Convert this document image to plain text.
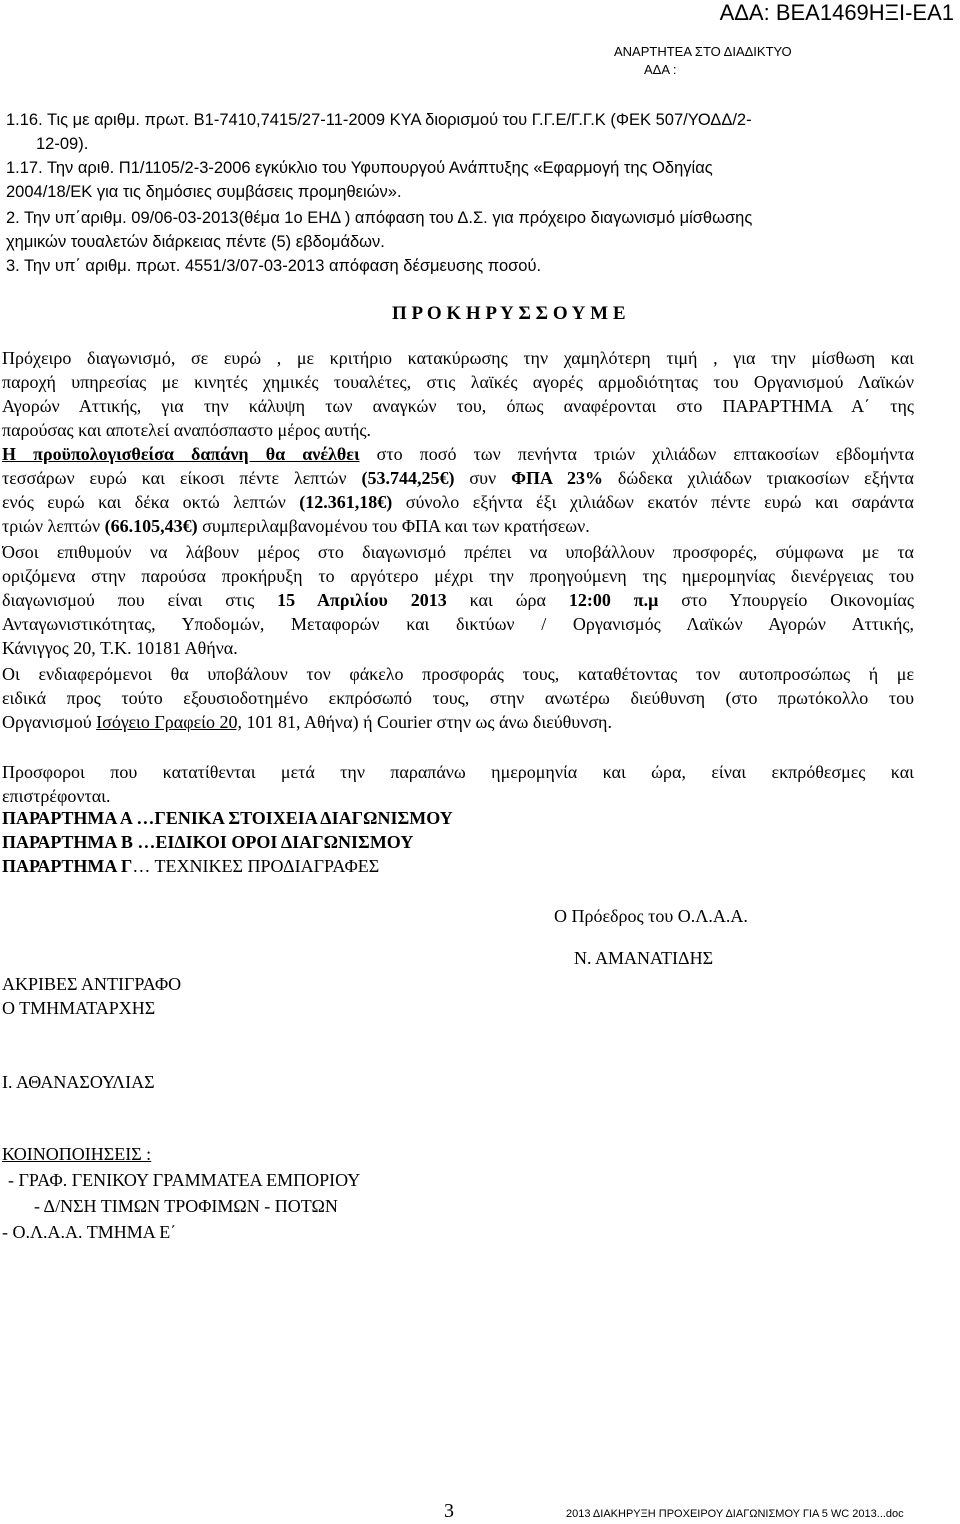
ΑΔΑ: ΒΕΑ1469ΗΞΙ-ΕΑ1
ΑΝΑΡΤΗΤΕΑ ΣΤΟ ΔΙΑΔΙΚΤΥΟ
ΑΔΑ :
1.16. Τις με αριθμ. πρωτ. Β1-7410,7415/27-11-2009 ΚΥΑ διορισμού του Γ.Γ.Ε/Γ.Γ.Κ (ΦΕΚ 507/ΥΟΔΔ/2-
12-09).
1.17. Την αριθ. Π1/1105/2-3-2006 εγκύκλιο του Υφυπουργού Ανάπτυξης «Εφαρμογή της Οδηγίας
2004/18/ΕΚ για τις δημόσιες συμβάσεις προμηθειών».
2. Την υπ΄αριθμ. 09/06-03-2013(θέμα 1ο ΕΗΔ ) απόφαση του Δ.Σ. για πρόχειρο διαγωνισμό μίσθωσης
χημικών τουαλετών διάρκειας πέντε (5) εβδομάδων.
3. Την υπ΄ αριθμ. πρωτ. 4551/3/07-03-2013 απόφαση δέσμευσης ποσού.
Π Ρ Ο Κ Η Ρ Υ Σ Σ Ο Υ Μ Ε
Πρόχειρο διαγωνισμό, σε ευρώ , με κριτήριο κατακύρωσης την χαμηλότερη τιμή , για την μίσθωση και
παροχή υπηρεσίας με κινητές χημικές τουαλέτες, στις λαϊκές αγορές αρμοδιότητας του Οργανισμού Λαϊκών
Αγορών Αττικής, για την κάλυψη των αναγκών του, όπως αναφέρονται στο ΠΑΡΑΡΤΗΜΑ Α΄ της
παρούσας και αποτελεί αναπόσπαστο μέρος αυτής.
Η προϋπολογισθείσα δαπάνη θα ανέλθει στο ποσό των πενήντα τριών χιλιάδων επτακοσίων εβδομήντα
τεσσάρων ευρώ και είκοσι πέντε λεπτών (53.744,25€) συν ΦΠΑ 23% δώδεκα χιλιάδων τριακοσίων εξήντα
ενός ευρώ και δέκα οκτώ λεπτών (12.361,18€) σύνολο εξήντα έξι χιλιάδων εκατόν πέντε ευρώ και σαράντα
τριών λεπτών (66.105,43€) συμπεριλαμβανομένου του ΦΠΑ και των κρατήσεων.
Όσοι επιθυμούν να λάβουν μέρος στο διαγωνισμό πρέπει να υποβάλλουν προσφορές, σύμφωνα με τα
οριζόμενα στην παρούσα προκήρυξη το αργότερο μέχρι την προηγούμενη της ημερομηνίας διενέργειας του
διαγωνισμού που είναι στις 15 Απριλίου 2013 και ώρα 12:00 π.μ στο Υπουργείο Οικονομίας
Ανταγωνιστικότητας, Υποδομών, Μεταφορών και δικτύων / Οργανισμός Λαϊκών Αγορών Αττικής,
Κάνιγγος 20, Τ.Κ. 10181 Αθήνα.
Οι ενδιαφερόμενοι θα υποβάλουν τον φάκελο προσφοράς τους, καταθέτοντας τον αυτοπροσώπως ή με
ειδικά προς τούτο εξουσιοδοτημένο εκπρόσωπό τους, στην ανωτέρω διεύθυνση (στο πρωτόκολλο του
Οργανισμού Ισόγειο Γραφείο 20, 101 81, Αθήνα) ή Courier στην ως άνω διεύθυνση.
Προσφοροι που κατατίθενται μετά την παραπάνω ημερομηνία και ώρα, είναι εκπρόθεσμες και
επιστρέφονται.
ΠΑΡΑΡΤΗΜΑ Α …ΓΕΝΙΚΑ ΣΤΟΙΧΕΙΑ ΔΙΑΓΩΝΙΣΜΟΥ
ΠΑΡΑΡΤΗΜΑ Β …ΕΙΔΙΚΟΙ ΟΡΟΙ ΔΙΑΓΩΝΙΣΜΟΥ
ΠΑΡΑΡΤΗΜΑ Γ… ΤΕΧΝΙΚΕΣ ΠΡΟΔΙΑΓΡΑΦΕΣ
Ο Πρόεδρος του Ο.Λ.Α.Α.
Ν. ΑΜΑΝΑΤΙΔΗΣ
ΑΚΡΙΒΕΣ ΑΝΤΙΓΡΑΦΟ
Ο ΤΜΗΜΑΤΑΡΧΗΣ
Ι. ΑΘΑΝΑΣΟΥΛΙΑΣ
ΚΟΙΝΟΠΟΙΗΣΕΙΣ :
- ΓΡΑΦ. ΓΕΝΙΚΟΥ ΓΡΑΜΜΑΤΕΑ ΕΜΠΟΡΙΟΥ
- Δ/ΝΣΗ ΤΙΜΩΝ ΤΡΟΦΙΜΩΝ - ΠΟΤΩΝ
- Ο.Λ.Α.Α. ΤΜΗΜΑ Ε΄
3	2013 ΔΙΑΚΗΡΥΞΗ ΠΡΟΧΕΙΡΟΥ ΔΙΑΓΩΝΙΣΜΟΥ ΓΙΑ 5 WC 2013...doc
